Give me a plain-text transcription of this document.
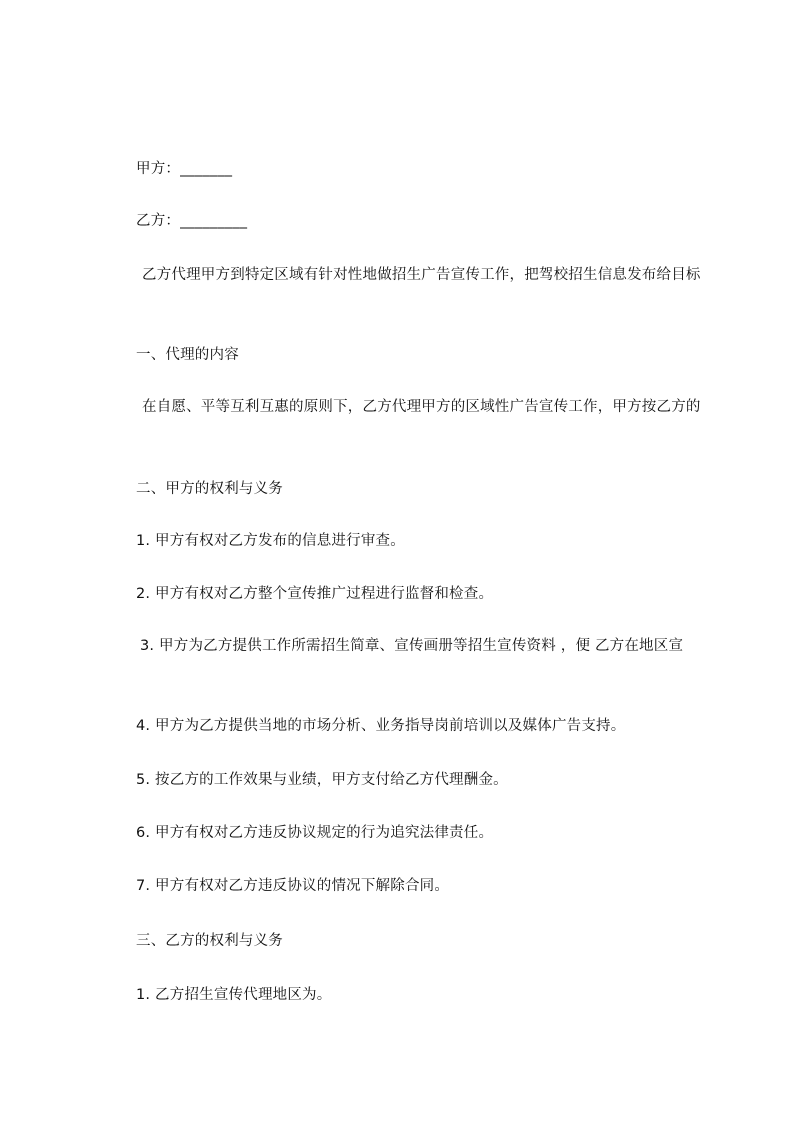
甲方：_______
乙方：_________
乙方代理甲方到特定区域有针对性地做招生广告宣传工作，把驾校招生信息发布给目标
一、代理的内容
在自愿、平等互利互惠的原则下，乙方代理甲方的区域性广告宣传工作，甲方按乙方的
二、甲方的权利与义务
1. 甲方有权对乙方发布的信息进行审查。
2. 甲方有权对乙方整个宣传推广过程进行监督和检查。
3. 甲方为乙方提供工作所需招生简章、宣传画册等招生宣传资料 ，便 乙方在地区宣
4. 甲方为乙方提供当地的市场分析、业务指导岗前培训以及媒体广告支持。
5. 按乙方的工作效果与业绩，甲方支付给乙方代理酬金。
6. 甲方有权对乙方违反协议规定的行为追究法律责任。
7. 甲方有权对乙方违反协议的情况下解除合同。
三、乙方的权利与义务
1. 乙方招生宣传代理地区为。
